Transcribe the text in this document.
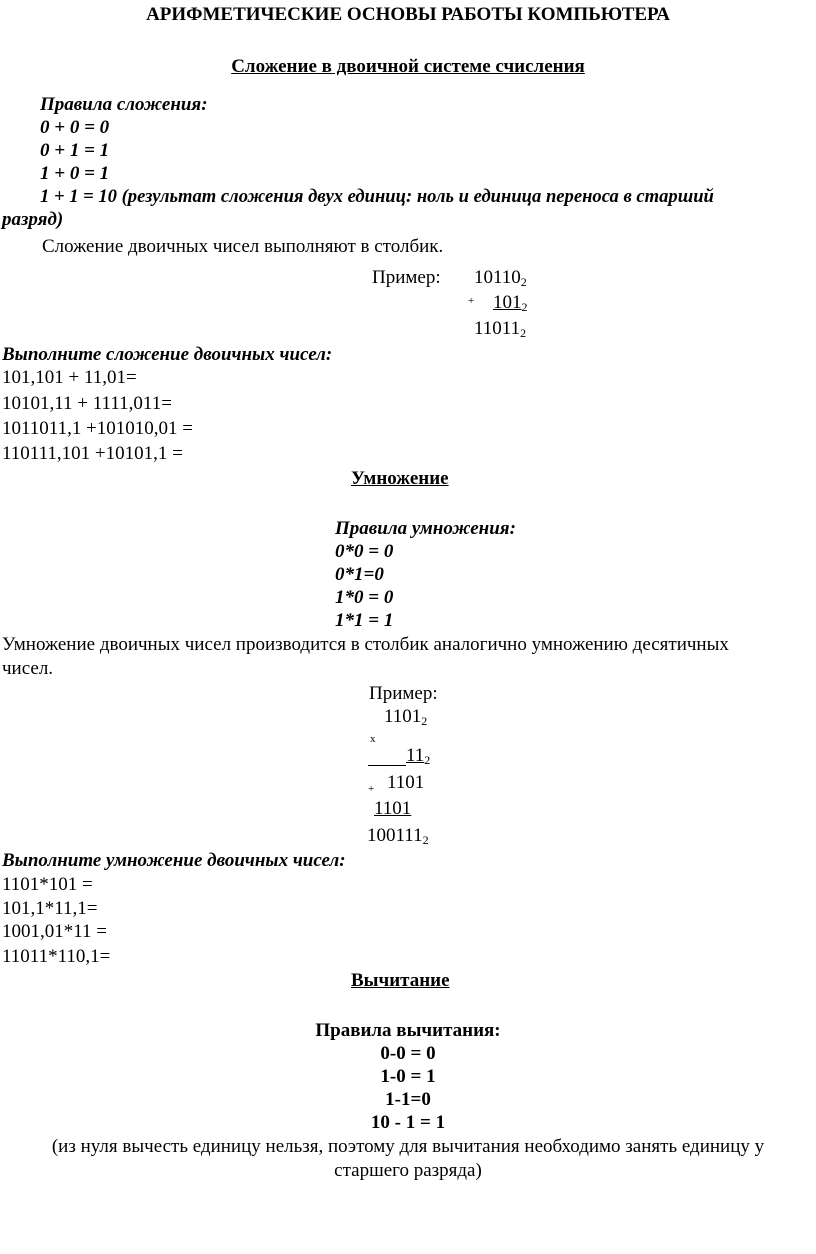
АРИФМЕТИЧЕСКИЕ ОСНОВЫ РАБОТЫ КОМПЬЮТЕРА
Сложение в двоичной системе счисления
Правила сложения:
0 + 0 = 0
0 + 1 = 1
1 + 0 = 1
1 + 1 = 10 (результат сложения двух единиц: ноль и единица переноса в старший
разряд)
Сложение двоичных чисел выполняют в столбик.
Пример: $10110_2$
+ $101_2$
$11011_2$
Выполните сложение двоичных чисел:
101,101 + 11,01=
10101,11 + 1111,011=
1011011,1 +101010,01 =
110111,101 +10101,1 =
Умножение
Правила умножения:
0*0 = 0
0*1=0
1*0 = 0
1*1 = 1
Умножение двоичных чисел производится в столбик аналогично умножению десятичных
чисел.
Пример:
$1101_2$
x
$11_2$
+ 1101
1101
$100111_2$
Выполните умножение двоичных чисел:
1101*101 =
101,1*11,1=
1001,01*11 =
11011*110,1=
Вычитание
Правила вычитания:
0-0 = 0
1-0 = 1
1-1=0
10 - 1 = 1
(из нуля вычесть единицу нельзя, поэтому для вычитания необходимо занять единицу у
старшего разряда)
